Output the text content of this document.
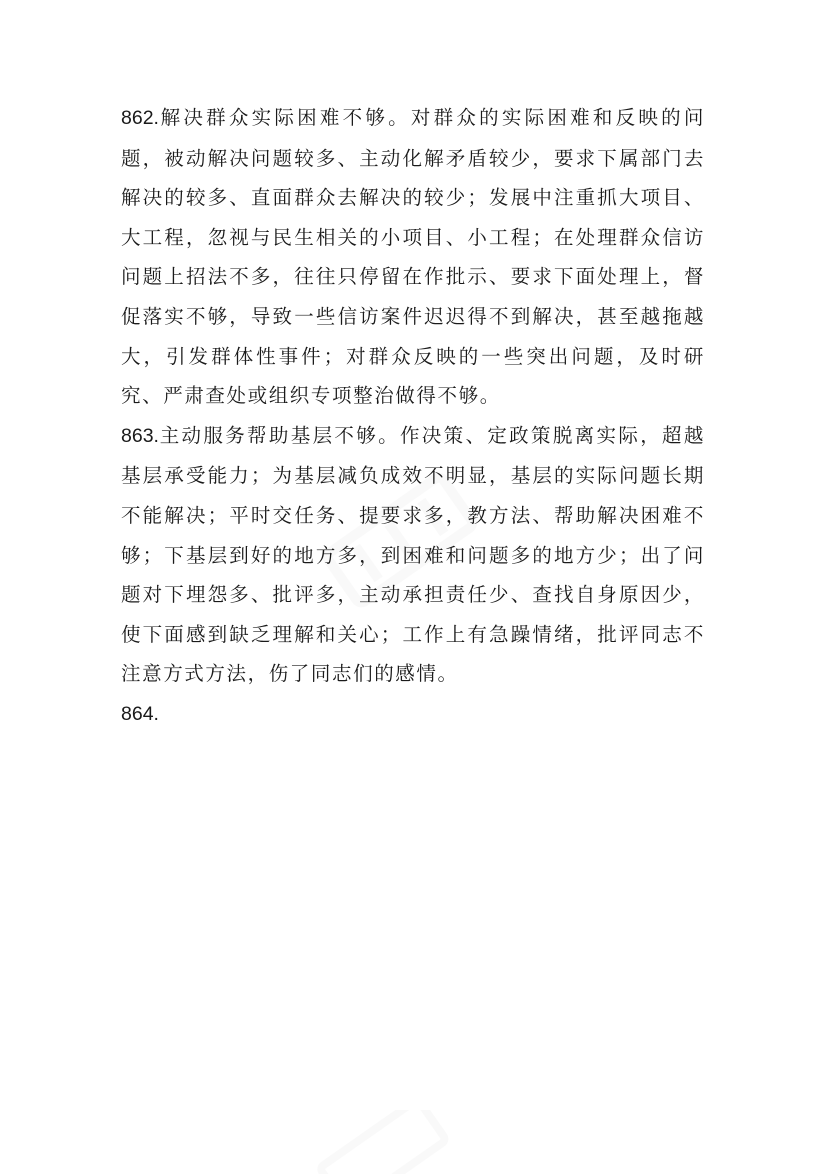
862.解决群众实际困难不够。对群众的实际困难和反映的问题，被动解决问题较多、主动化解矛盾较少，要求下属部门去解决的较多、直面群众去解决的较少；发展中注重抓大项目、大工程，忽视与民生相关的小项目、小工程；在处理群众信访问题上招法不多，往往只停留在作批示、要求下面处理上，督促落实不够，导致一些信访案件迟迟得不到解决，甚至越拖越大，引发群体性事件；对群众反映的一些突出问题，及时研究、严肃查处或组织专项整治做得不够。

863.主动服务帮助基层不够。作决策、定政策脱离实际，超越基层承受能力；为基层减负成效不明显，基层的实际问题长期不能解决；平时交任务、提要求多，教方法、帮助解决困难不够；下基层到好的地方多，到困难和问题多的地方少；出了问题对下埋怨多、批评多，主动承担责任少、查找自身原因少，使下面感到缺乏理解和关心；工作上有急躁情绪，批评同志不注意方式方法，伤了同志们的感情。

864.
